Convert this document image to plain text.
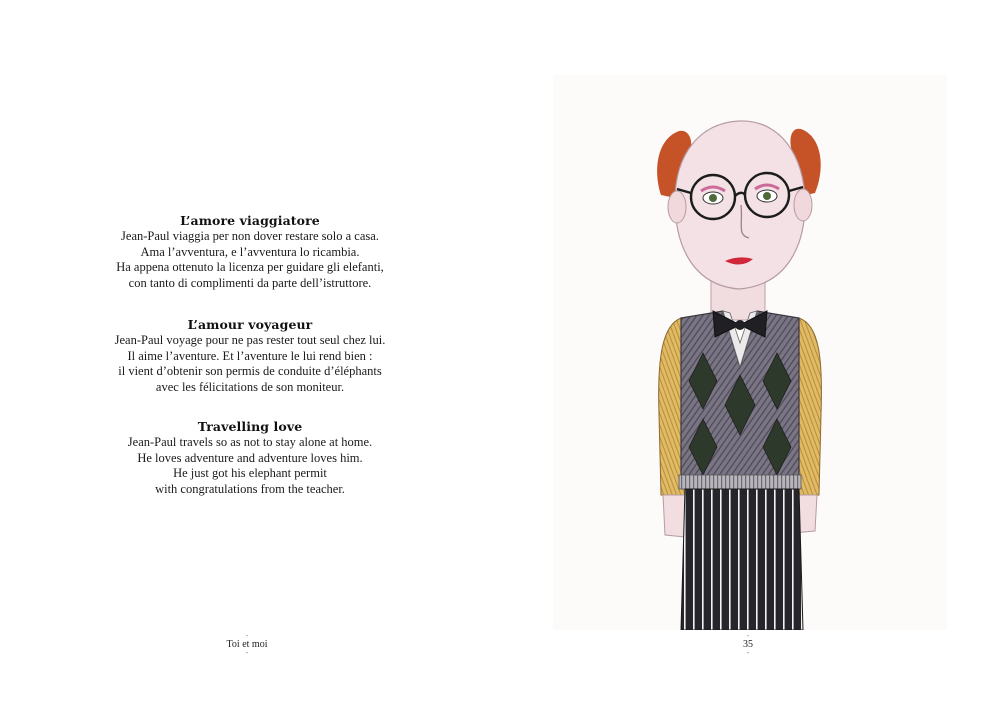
L’amore viaggiatore

Jean-Paul viaggia per non dover restare solo a casa.

Ama l’avventura, e l’avventura lo ricambia.

Ha appena ottenuto la licenza per guidare gli elefanti,

con tanto di complimenti da parte dell’istruttore.

L’amour voyageur

Jean-Paul voyage pour ne pas rester tout seul chez lui.

Il aime l’aventure. Et l’aventure le lui rend bien :

il vient d’obtenir son permis de conduite d’éléphants

avec les félicitations de son moniteur.

Travelling love

Jean-Paul travels so as not to stay alone at home.

He loves adventure and adventure loves him.

He just got his elephant permit

with congratulations from the teacher.

-
Toi et moi
-
-
35
-
